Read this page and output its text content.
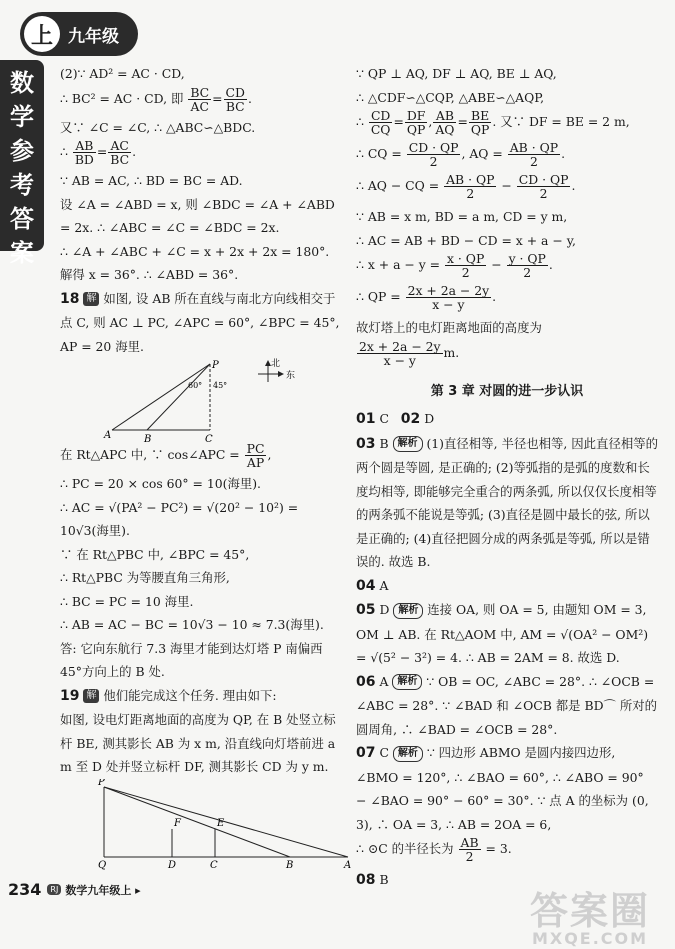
上 九年级
数
学
参
考
答
案
(2)∵ AD² = AC · CD,
∴ BC² = AC · CD, 即 $\frac{BC}{AC} = \frac{CD}{BC}$ .
又∵ ∠C = ∠C, ∴ △ABC∽△BDC.
∴ $\frac{AB}{BD} = \frac{AC}{BC}$ .
∵ AB = AC, ∴ BD = BC = AD.
设 ∠A = ∠ABD = x, 则 ∠BDC = ∠A + ∠ABD = 2x. ∴ ∠ABC = ∠C = ∠BDC = 2x.
∴ ∠A + ∠ABC + ∠C = x + 2x + 2x = 180°.
解得 x = 36°. ∴ ∠ABD = 36°.
18 解 如图, 设 AB 所在直线与南北方向线相交于点 C, 则 AC ⊥ PC, ∠APC = 60°, ∠BPC = 45°, AP = 20 海里.
P
A	B	C
60° 45°
北
东
在 Rt△APC 中, ∵ cos∠APC = $\frac{PC}{AP}$ ,
∴ PC = 20 × cos 60° = 10(海里).
∴ AC = √(PA² − PC²) = √(20² − 10²) = 10√3(海里).
∵ 在 Rt△PBC 中, ∠BPC = 45°,
∴ Rt△PBC 为等腰直角三角形,
∴ BC = PC = 10 海里.
∴ AB = AC − BC = 10√3 − 10 ≈ 7.3(海里).
答: 它向东航行 7.3 海里才能到达灯塔 P 南偏西 45°方向上的 B 处.
19 解 他们能完成这个任务. 理由如下:
如图, 设电灯距离地面的高度为 QP, 在 B 处竖立标杆 BE, 测其影长 AB 为 x m, 沿直线向灯塔前进 a m 至 D 处并竖立标杆 DF, 测其影长 CD 为 y m.
P
Q
F	E
D	C	B	A
∵ QP ⊥ AQ, DF ⊥ AQ, BE ⊥ AQ,
∴ △CDF∽△CQP, △ABE∽△AQP,
∴ $\frac{CD}{CQ} = \frac{DF}{QP}$ , $\frac{AB}{AQ} = \frac{BE}{QP}$ . 又∵ DF = BE = 2 m,
∴ CQ = $\frac{CD \cdot QP}{2}$ , AQ = $\frac{AB \cdot QP}{2}$ .
∴ AQ − CQ = $\frac{AB \cdot QP}{2} - \frac{CD \cdot QP}{2}$ .
∵ AB = x m, BD = a m, CD = y m,
∴ AC = AB + BD − CD = x + a − y,
∴ $x + a - y = \frac{x \cdot QP}{2} - \frac{y \cdot QP}{2}$ .
∴ QP = $\frac{2x + 2a - 2y}{x - y}$ .
故灯塔上的电灯距离地面的高度为
$\frac{2x + 2a - 2y}{x - y} m$.
第 3 章 对圆的进一步认识
01 C 02 D
03 B 解析 (1)直径相等, 半径也相等, 因此直径相等的两个圆是等圆, 是正确的; (2)等弧指的是弧的度数和长度均相等, 即能够完全重合的两条弧, 所以仅仅长度相等的两条弧不能说是等弧; (3)直径是圆中最长的弦, 所以是正确的; (4)直径把圆分成的两条弧是等弧, 所以是错误的. 故选 B.
04 A
05 D 解析 连接 OA, 则 OA = 5, 由题知 OM = 3, OM ⊥ AB. 在 Rt△AOM 中, AM = √(OA² − OM²) = √(5² − 3²) = 4. ∴ AB = 2AM = 8. 故选 D.
06 A 解析 ∵ OB = OC, ∠ABC = 28°. ∴ ∠OCB = ∠ABC = 28°. ∵ ∠BAD 和 ∠OCB 都是 BD⌒ 所对的圆周角, ∴ ∠BAD = ∠OCB = 28°.
07 C 解析 ∵ 四边形 ABMO 是圆内接四边形, ∠BMO = 120°, ∴ ∠BAO = 60°, ∴ ∠ABO = 90° − ∠BAO = 90° − 60° = 30°. ∵ 点 A 的坐标为 (0, 3), ∴ OA = 3, ∴ AB = 2OA = 6,
∴ ⊙C 的半径长为 $\frac{AB}{2} = 3$.
08 B
234	RJ 数学九年级上 ▸	答案圈
MXQE.COM
